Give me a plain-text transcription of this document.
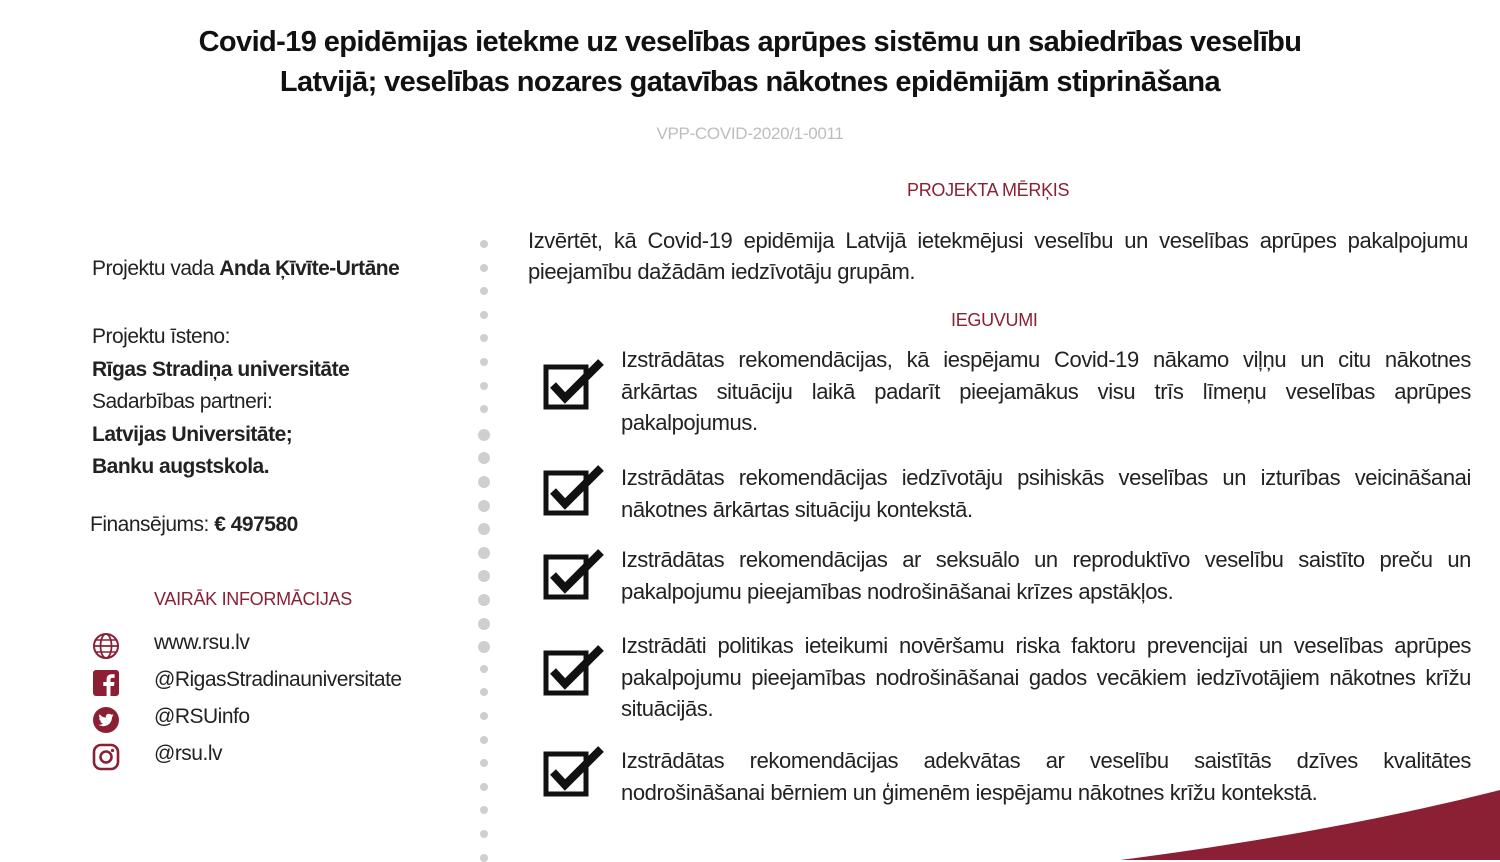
Covid-19 epidēmijas ietekme uz veselības aprūpes sistēmu un sabiedrības veselību
Latvijā; veselības nozares gatavības nākotnes epidēmijām stiprināšana
VPP-COVID-2020/1-0011
Projektu vada Anda Ķīvīte-Urtāne
Projektu īsteno:
Rīgas Stradiņa universitāte
Sadarbības partneri:
Latvijas Universitāte;
Banku augstskola.
Finansējums: € 497580
VAIRĀK INFORMĀCIJAS
www.rsu.lv
@RigasStradinauniversitate
@RSUinfo
@rsu.lv
PROJEKTA MĒRĶIS
Izvērtēt, kā Covid-19 epidēmija Latvijā ietekmējusi veselību un veselības aprūpes pakalpojumu pieejamību dažādām iedzīvotāju grupām.
IEGUVUMI
Izstrādātas rekomendācijas, kā iespējamu Covid-19 nākamo viļņu un citu nākotnes ārkārtas situāciju laikā padarīt pieejamākus visu trīs līmeņu veselības aprūpes pakalpojumus.
Izstrādātas rekomendācijas iedzīvotāju psihiskās veselības un izturības veicināšanai nākotnes ārkārtas situāciju kontekstā.
Izstrādātas rekomendācijas ar seksuālo un reproduktīvo veselību saistīto preču un pakalpojumu pieejamības nodrošināšanai krīzes apstākļos.
Izstrādāti politikas ieteikumi novēršamu riska faktoru prevencijai un veselības aprūpes pakalpojumu pieejamības nodrošināšanai gados vecākiem iedzīvotājiem nākotnes krīžu situācijās.
Izstrādātas rekomendācijas adekvātas ar veselību saistītās dzīves kvalitātes nodrošināšanai bērniem un ģimenēm iespējamu nākotnes krīžu kontekstā.
